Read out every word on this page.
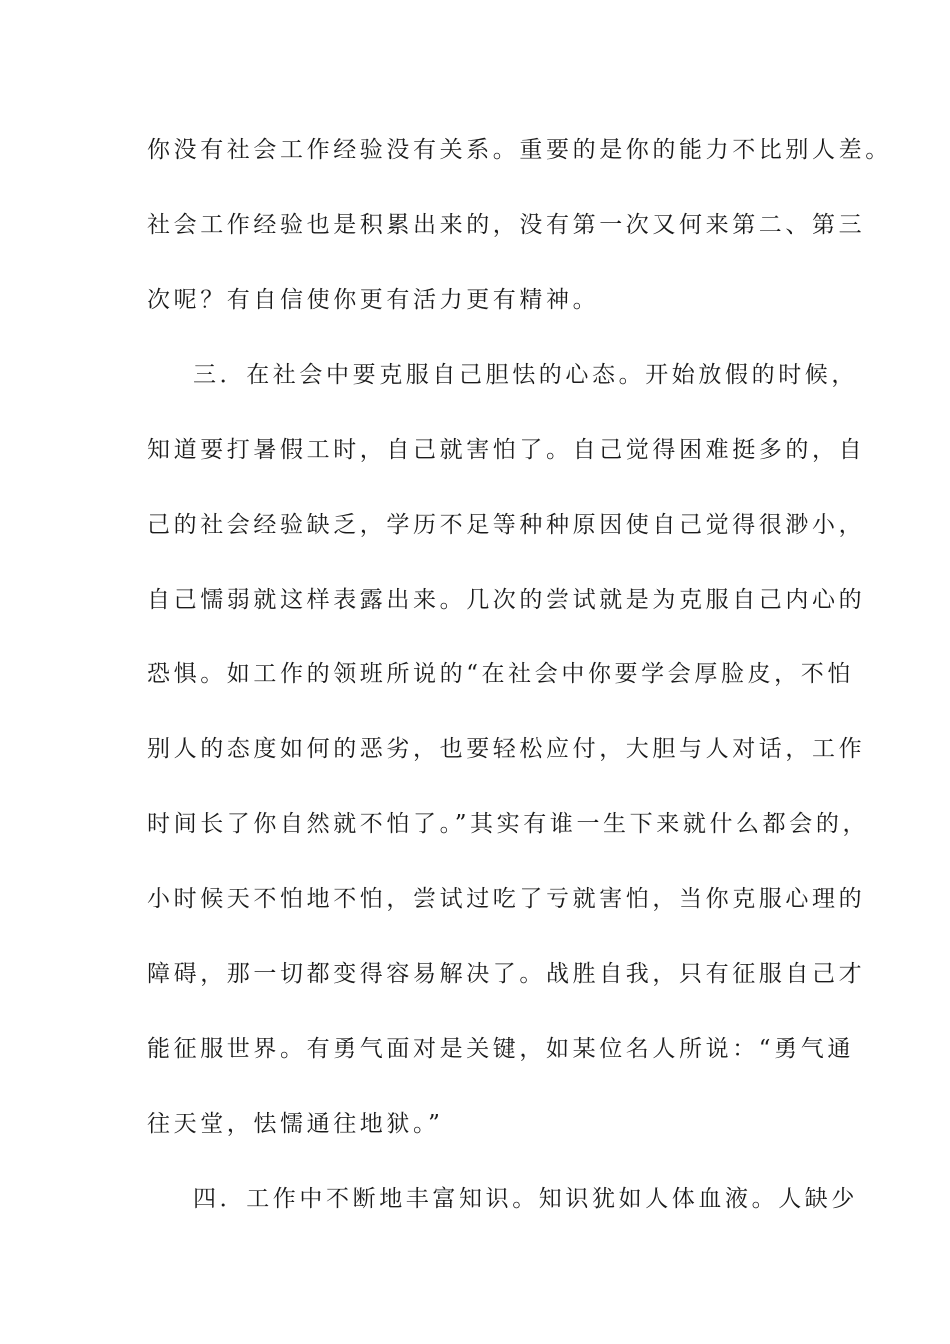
你没有社会工作经验没有关系。重要的是你的能力不比别人差。
社会工作经验也是积累出来的，没有第一次又何来第二、第三
次呢？有自信使你更有活力更有精神。
三．在社会中要克服自己胆怯的心态。开始放假的时候，
知道要打暑假工时，自己就害怕了。自己觉得困难挺多的，自
己的社会经验缺乏，学历不足等种种原因使自己觉得很渺小，
自己懦弱就这样表露出来。几次的尝试就是为克服自己内心的
恐惧。如工作的领班所说的“在社会中你要学会厚脸皮，不怕
别人的态度如何的恶劣，也要轻松应付，大胆与人对话，工作
时间长了你自然就不怕了。”其实有谁一生下来就什么都会的，
小时候天不怕地不怕，尝试过吃了亏就害怕，当你克服心理的
障碍，那一切都变得容易解决了。战胜自我，只有征服自己才
能征服世界。有勇气面对是关键，如某位名人所说：“勇气通
往天堂，怯懦通往地狱。”
四．工作中不断地丰富知识。知识犹如人体血液。人缺少
